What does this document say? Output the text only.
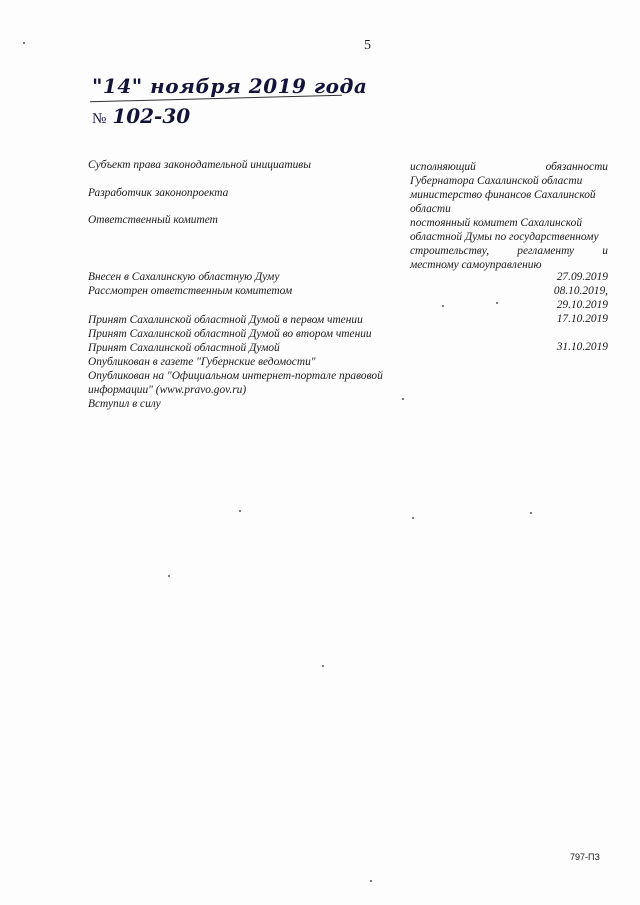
5
"14" ноября 2019 года
№ 102-30
Субъект права законодательной инициативы
Разработчик законопроекта
Ответственный комитет
Внесен в Сахалинскую областную Думу
Рассмотрен ответственным комитетом
Принят Сахалинской областной Думой в первом чтении
Принят Сахалинской областной Думой во втором чтении
Принят Сахалинской областной Думой
Опубликован в газете "Губернские ведомости"
Опубликован на "Официальном интернет-портале правовой
информации" (www.pravo.gov.ru)
Вступил в силу
исполняющий	обязанности
Губернатора Сахалинской области
министерство финансов Сахалинской
области
постоянный комитет Сахалинской
областной Думы по государственному
строительству, регламенту и
местному самоуправлению
27.09.2019
08.10.2019,
29.10.2019
17.10.2019
31.10.2019
797-ПЗ
